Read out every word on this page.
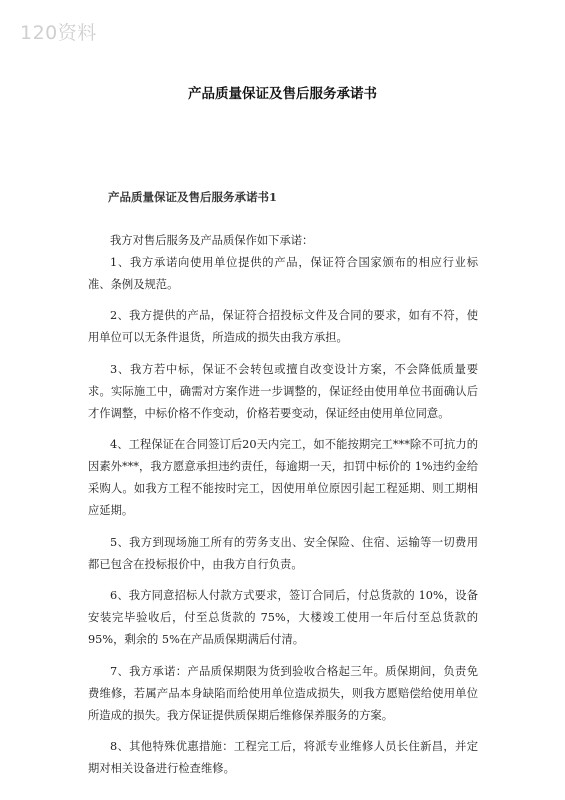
120资料
产品质量保证及售后服务承诺书
产品质量保证及售后服务承诺书1

我方对售后服务及产品质保作如下承诺：

1、我方承诺向使用单位提供的产品，保证符合国家颁布的相应行业标准、条例及规范。

2、我方提供的产品，保证符合招投标文件及合同的要求，如有不符，使用单位可以无条件退货，所造成的损失由我方承担。

3、我方若中标，保证不会转包或擅自改变设计方案，不会降低质量要求。实际施工中，确需对方案作进一步调整的，保证经由使用单位书面确认后才作调整，中标价格不作变动，价格若要变动，保证经由使用单位同意。

4、工程保证在合同签订后20天内完工，如不能按期完工***除不可抗力的因素外***，我方愿意承担违约责任，每逾期一天，扣罚中标价的 1%违约金给采购人。如我方工程不能按时完工，因使用单位原因引起工程延期、则工期相应延期。

5、我方到现场施工所有的劳务支出、安全保险、住宿、运输等一切费用都已包含在投标报价中，由我方自行负责。

6、我方同意招标人付款方式要求，签订合同后，付总货款的 10%，设备安装完毕验收后，付至总货款的 75%，大楼竣工使用一年后付至总货款的 95%，剩余的 5%在产品质保期满后付清。

7、我方承诺：产品质保期限为货到验收合格起三年。质保期间，负责免费维修，若属产品本身缺陷而给使用单位造成损失，则我方愿赔偿给使用单位所造成的损失。我方保证提供质保期后维修保养服务的方案。

8、其他特殊优惠措施：工程完工后，将派专业维修人员长住新昌，并定期对相关设备进行检查维修。
